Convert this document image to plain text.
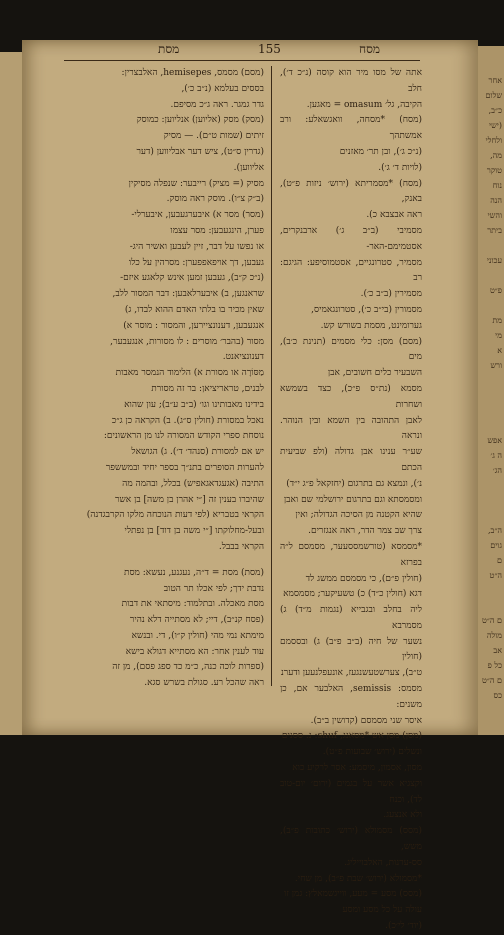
אחר
שלום
כ״ב,
(ישי
ולחלי
מה,
טוקר
נוח
הנה
והשי
ביתר
עכוני
פ״ט
מת
מי
א
ורש
אפש
ה ג׳
הג׳
ה״ב,
גוים
ם
ה״ט
ם ה״ט
מולה
אב
כל פ
ם ה״ט
כס
מסת	155	מסח

אתה של מסו מיר הוא קוסה (נ״כ ד׳), חלב

הקיבה, גל׳ omasum = מאגען.

(מסח) *מסחה, וואגשאלע: ורב אמשתהך

(נ״כ ג׳), ובן תר׳ מאזנים

(לויות ד׳ ג׳).

(מסח) *מסמריתא (ירוש׳ ניזות פ״ט), באנק,

ראה אבצבא כ).

מסמיבי (ב״ב ג׳) ארבנקרים, אסטמימם-האר-

מסמיר, סטרונגיים, אסטמוסיפע: הגיגם: רב

מסמירין (ב״ב כ׳).

מסמורין (בי״ב כ׳), סטרונגאמיס,

גערומינט, מסמת בשורש קש.

(מסם) מסן: כלי מסמים (תנינת כ׳ב), מים

השבעיר כלים חשובים, אבן

מסמא (נת״ס פ״כ), כצד בשמשא ושחרות

לאבן התהובה בין השמא ובין הנוהר. ונראה

שע״ר ענינו אבן גדולה (ולפ שביעית הכתם

נ׳), ונמצא גם בתרגום (יחזקאל פ״ג י״ד)

ומסמסתא וגם בתרגום ירושלמי שם ואבן

שהיא הקטנה מן הסיכה הגדולה; ואין

צרך שב צמר הדר, ראה אנגזרים.

*מסמסא (טורשמססעער, מסמסם ל״ה בפרזא

(חולין פ״ם), כי מסמסם ממשג לד

דגא (חולין כ״ד) כ) טשעיקער; מסמסמא

ליה בחלב ובגבייא (נגמות מ״ד) ג) מסמרבא

נשער של חיה (ב״ב פ״ב) ג) ובססמם (חולין

ט״ב), צערשטעשנגעז, אונעפלנעען ודערנ

מסמס: semissis, האלבער אם, כן משנים:

איסר שני מסמסם (קדושין ב״ב).

(מסן) מסן אש *מסאנג, shuf: נ. ססנים

ונשלים (ירוש׳ שבועות פ״ט).

מסון, אסמון, מיסמע: אסר לרקיע כוא

וקצגיא אשר על בגמים (ירום׳ יום-טוב לד), וכנח

ולא אנצעג.

(מסס) מסמולא (ירוש׳ כתובות פ״ב), משש,

סס-ערנות, האלבוייליג.

*מסמולא (ירוש׳ שבת פ״ב), מן שחי.

(מסס) מסע = מעע, ווייגשמאלץ: גמן זו

עולה על כל מסע ומסע

(יוד׳ לי׳כ).

(מסם) מסמס, hemisepes, האלבצרין:

בססים בעלמא (נ״ב כ׳),

גדר גמגר. ראה ג״כ מסיפם.

(מסק) מסק (אליוען) אנליוען: כמוסק

זיתים (שמות ט״ם). — מסיק

(גדרין ס״ט), ציש דער אבליווען (דער

אליווען).

מסיק (= מציק) רייבער: שנפלה מסיקין

(ב״ק צ״ו). מוסק ראה מוסק.

(מסר) מסר א) איבערגעבען, איבערלי-

פערן, הינגעבען: מסר עצמו

או נפשו על דבר, זיין לעבען ואשיר היג-

געבען, דך אויפאפפערן: מסרהין על כלו

(נ״כ ק״ב), געבען זמען אינש קלאגע איזם-

שראנגען, ב) איבערלאבען: דבר המסור ללב,

שאין מכיר בו בלתי האדם ההוא לבדו, ג)

אנגעבען, דענונציירען, והמסור : מוסר א)

מסור (בהבר׳ מוסרים : לו מסורות, אנגעבער,

דענונציאנט.

מַסּוֹרָה או מסורת א) הלימוד הנמסר מאבות

לבנים, טראריציאן: בר זה מסורת

בידינו מאבותינו וגו׳ (ב״ב ע״ב); עון שהוא

נאכל במסורת (חולין ס״ג). ב) הקראה כן ג״כ

נוסחת ספרי הקודש המסורה לנו מן הראשונים:

יש אם למסורת (סנהד׳ ד׳). ג) הגושאל

להערות הסופרים בתנ״ך בספר יחיד ובמששפר

התיבה (אגעגדאגאפיש) בכלל, ובהמה מה

שהיברו בענין זה [״י אהרן בן משה] בן אשר

הקראי בטבריא (לפי דעות הנוכחה מלקו הקרבגדנה)

ובעל-מחלוקתו [״י משה בן דוד] בן נפתלי

הקראי בבבל.

(מסת) מסת = ד״ה, נעגנע, נעשא: מסת

נדבת ידך; לפי אכלו תר הטוב

מסת מאכלה. ובתלמוד: מיסתאי את דבות

(פסח קנ״ב), דיי; לא מסתייה דלא נהיר

מימתא נמי מהי (חולין ק״ו), די. ובנשא

עוד לענין אחר: הא מסתייא דגולא בישא

(ספרות לוכה כנה, כ״מ כד ספג פסם), מן זה

ראה שהכל רע. סגולת בשרש סגא.
